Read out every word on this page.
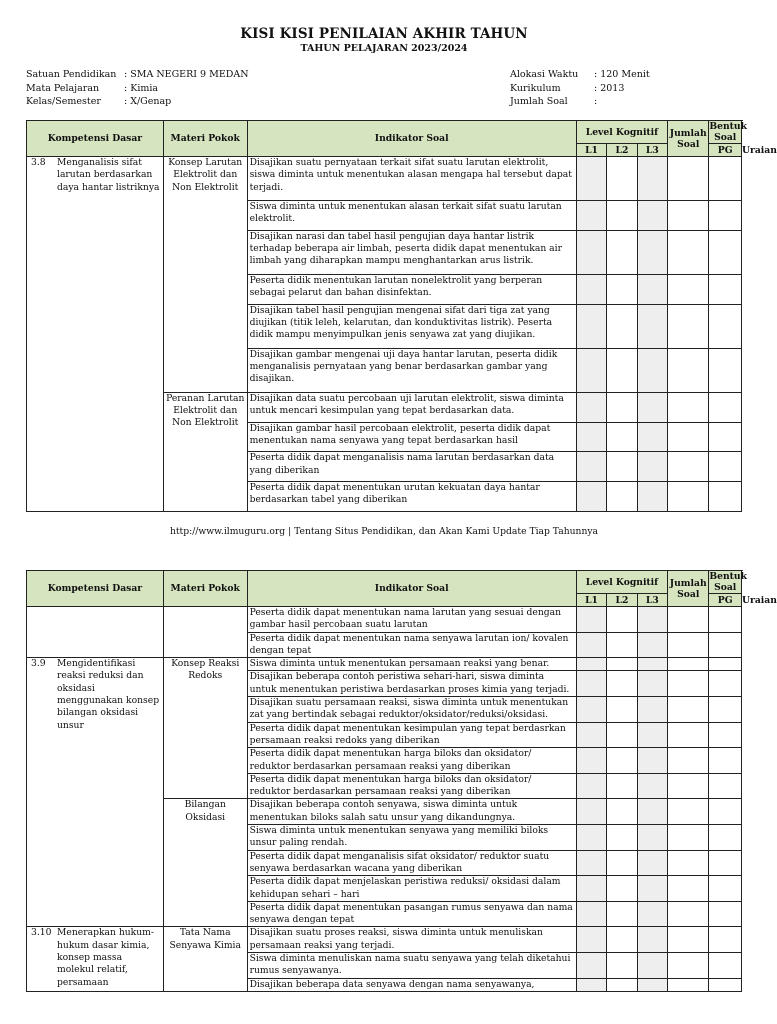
KISI KISI PENILAIAN AKHIR TAHUN
TAHUN PELAJARAN 2023/2024
Satuan Pendidikan : SMA NEGERI 9 MEDAN
Mata Pelajaran	: Kimia
Kelas/Semester	: X/Genap
Alokasi Waktu	: 120 Menit
Kurikulum	: 2013
Jumlah Soal	:
Kompetensi Dasar	Materi Pokok	Indikator Soal	Level Kognitif			Jumlah Soal	Bentuk Soal	
			L1	L2	L3		PG	Uraian

3.8 Menganalisis sifat larutan berdasarkan daya hantar listriknya	Konsep Larutan Elektrolit dan Non Elektrolit	Disajikan suatu pernyataan terkait sifat suatu larutan elektrolit, siswa diminta untuk menentukan alasan mengapa hal tersebut dapat terjadi.						
		Siswa diminta untuk menentukan alasan terkait sifat suatu larutan elektrolit.						
		Disajikan narasi dan tabel hasil pengujian daya hantar listrik terhadap beberapa air limbah, peserta didik dapat menentukan air limbah yang diharapkan mampu menghantarkan arus listrik.						
		Peserta didik menentukan larutan nonelektrolit yang berperan sebagai pelarut dan bahan disinfektan.						
		Disajikan tabel hasil pengujian mengenai sifat dari tiga zat yang diujikan (titik leleh, kelarutan, dan konduktivitas listrik). Peserta didik mampu menyimpulkan jenis senyawa zat yang diujikan.						
		Disajikan gambar mengenai uji daya hantar larutan, peserta didik menganalisis pernyataan yang benar berdasarkan gambar yang disajikan.						
	Peranan Larutan Elektrolit dan Non Elektrolit	Disajikan data suatu percobaan uji larutan elektrolit, siswa diminta untuk mencari kesimpulan yang tepat berdasarkan data.						
		Disajikan gambar hasil percobaan elektrolit, peserta didik dapat menentukan nama senyawa yang tepat berdasarkan hasil						
		Peserta didik dapat menganalisis nama larutan berdasarkan data yang diberikan						
		Peserta didik dapat menentukan urutan kekuatan daya hantar berdasarkan tabel yang diberikan						
http://www.ilmuguru.org | Tentang Situs Pendidikan, dan Akan Kami Update Tiap Tahunnya
Kompetensi Dasar	Materi Pokok	Indikator Soal	Level Kognitif			Jumlah Soal	Bentuk Soal	
			L1	L2	L3		PG	Uraian
		Peserta didik dapat menentukan nama larutan yang sesuai dengan gambar hasil percobaan suatu larutan						
		Peserta didik dapat menentukan nama senyawa larutan ion/ kovalen dengan tepat						

3.9 Mengidentifikasi reaksi reduksi dan oksidasi menggunakan konsep bilangan oksidasi unsur	Konsep Reaksi Redoks	Siswa diminta untuk menentukan persamaan reaksi yang benar.						
		Disajikan beberapa contoh peristiwa sehari-hari, siswa diminta untuk menentukan peristiwa berdasarkan proses kimia yang terjadi.						
		Disajikan suatu persamaan reaksi, siswa diminta untuk menentukan zat yang bertindak sebagai reduktor/oksidator/reduksi/oksidasi.						
		Peserta didik dapat menentukan kesimpulan yang tepat berdasrkan persamaan reaksi redoks yang diberikan						
		Peserta didik dapat menentukan harga biloks dan oksidator/ reduktor berdasarkan persamaan reaksi yang diberikan						
		Peserta didik dapat menentukan harga biloks dan oksidator/ reduktor berdasarkan persamaan reaksi yang diberikan						
	Bilangan Oksidasi	Disajikan beberapa contoh senyawa, siswa diminta untuk menentukan biloks salah satu unsur yang dikandungnya.						
		Siswa diminta untuk menentukan senyawa yang memiliki biloks unsur paling rendah.						
		Peserta didik dapat menganalisis sifat oksidator/ reduktor suatu senyawa berdasarkan wacana yang diberikan						
		Peserta didik dapat menjelaskan peristiwa reduksi/ oksidasi dalam kehidupan sehari – hari						
		Peserta didik dapat menentukan pasangan rumus senyawa dan nama senyawa dengan tepat						

3.10 Menerapkan hukum- hukum dasar kimia, konsep massa molekul relatif, persamaan	Tata Nama Senyawa Kimia	Disajikan suatu proses reaksi, siswa diminta untuk menuliskan persamaan reaksi yang terjadi.						
		Siswa diminta menuliskan nama suatu senyawa yang telah diketahui rumus senyawanya.						
		Disajikan beberapa data senyawa dengan nama senyawanya,						
